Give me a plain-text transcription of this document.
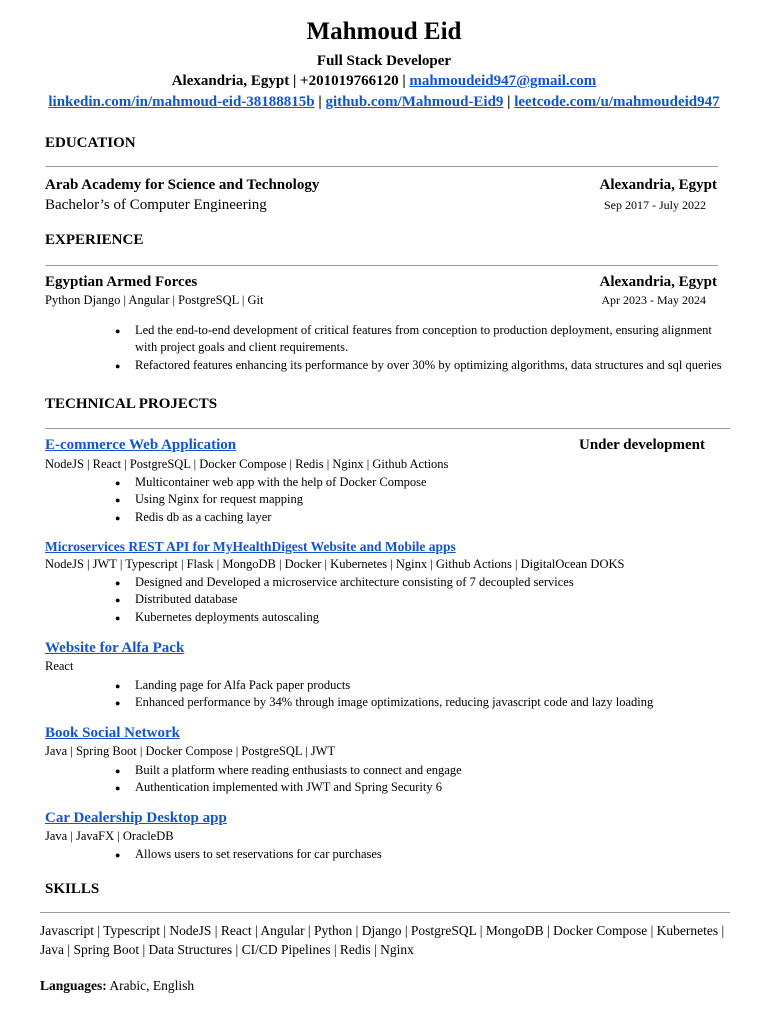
Mahmoud Eid
Full Stack Developer
Alexandria, Egypt | +201019766120 | mahmoudeid947@gmail.com
linkedin.com/in/mahmoud-eid-38188815b | github.com/Mahmoud-Eid9 | leetcode.com/u/mahmoudeid947
EDUCATION
Arab Academy for Science and Technology	Alexandria, Egypt
Bachelor’s of Computer Engineering	Sep 2017 - July 2022
EXPERIENCE
Egyptian Armed Forces	Alexandria, Egypt
Python Django | Angular | PostgreSQL | Git	Apr 2023 - May 2024
● Led the end-to-end development of critical features from conception to production deployment, ensuring alignment with project goals and client requirements.
● Refactored features enhancing its performance by over 30% by optimizing algorithms, data structures and sql queries
TECHNICAL PROJECTS
E-commerce Web Application	Under development
NodeJS | React | PostgreSQL | Docker Compose | Redis | Nginx | Github Actions
● Multicontainer web app with the help of Docker Compose
● Using Nginx for request mapping
● Redis db as a caching layer
Microservices REST API for MyHealthDigest Website and Mobile apps
NodeJS | JWT | Typescript | Flask | MongoDB | Docker | Kubernetes | Nginx | Github Actions | DigitalOcean DOKS
● Designed and Developed a microservice architecture consisting of 7 decoupled services
● Distributed database
● Kubernetes deployments autoscaling
Website for Alfa Pack
React
● Landing page for Alfa Pack paper products
● Enhanced performance by 34% through image optimizations, reducing javascript code and lazy loading
Book Social Network
Java | Spring Boot | Docker Compose | PostgreSQL | JWT
● Built a platform where reading enthusiasts to connect and engage
● Authentication implemented with JWT and Spring Security 6
Car Dealership Desktop app
Java | JavaFX | OracleDB
● Allows users to set reservations for car purchases
SKILLS
Javascript | Typescript | NodeJS | React | Angular | Python | Django | PostgreSQL | MongoDB | Docker Compose | Kubernetes | Java | Spring Boot | Data Structures | CI/CD Pipelines | Redis | Nginx
Languages: Arabic, English
